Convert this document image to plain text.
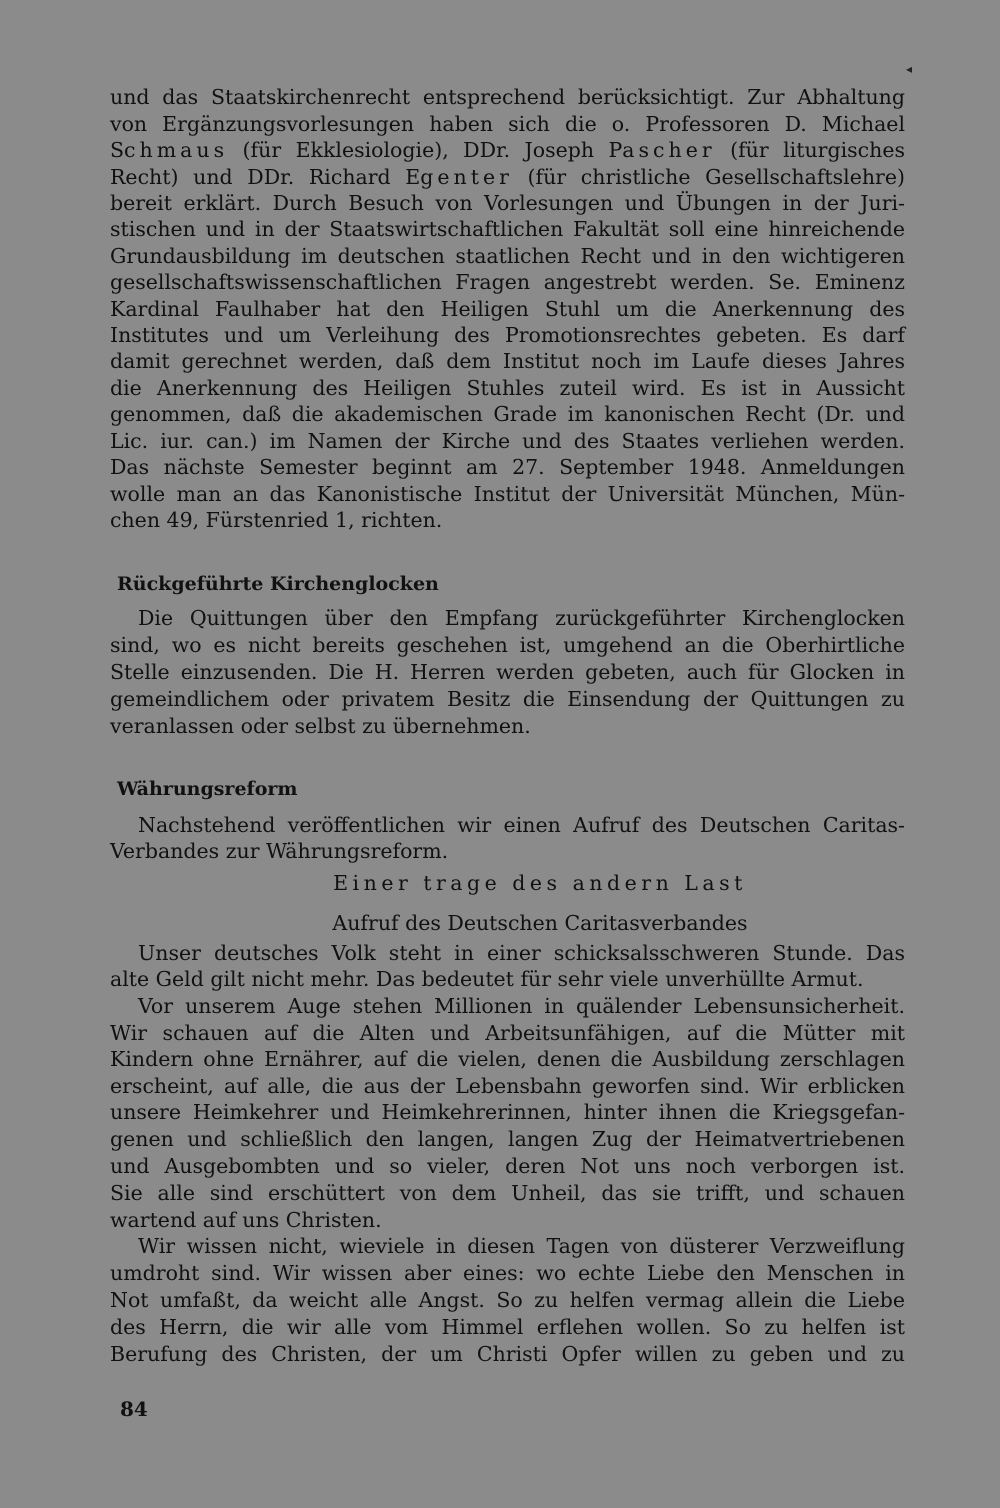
und das Staatskirchenrecht entsprechend berücksichtigt. Zur Abhaltung
von Ergänzungsvorlesungen haben sich die o. Professoren D. Michael
Schmaus (für Ekklesiologie), DDr. Joseph Pascher (für liturgisches
Recht) und DDr. Richard Egenter (für christliche Gesellschaftslehre)
bereit erklärt. Durch Besuch von Vorlesungen und Übungen in der Juri-
stischen und in der Staatswirtschaftlichen Fakultät soll eine hinreichende
Grundausbildung im deutschen staatlichen Recht und in den wichtigeren
gesellschaftswissenschaftlichen Fragen angestrebt werden. Se. Eminenz
Kardinal Faulhaber hat den Heiligen Stuhl um die Anerkennung des
Institutes und um Verleihung des Promotionsrechtes gebeten. Es darf
damit gerechnet werden, daß dem Institut noch im Laufe dieses Jahres
die Anerkennung des Heiligen Stuhles zuteil wird. Es ist in Aussicht
genommen, daß die akademischen Grade im kanonischen Recht (Dr. und
Lic. iur. can.) im Namen der Kirche und des Staates verliehen werden.
Das nächste Semester beginnt am 27. September 1948. Anmeldungen
wolle man an das Kanonistische Institut der Universität München, Mün-
chen 49, Fürstenried 1, richten.
Rückgeführte Kirchenglocken
Die Quittungen über den Empfang zurückgeführter Kirchenglocken
sind, wo es nicht bereits geschehen ist, umgehend an die Oberhirtliche
Stelle einzusenden. Die H. Herren werden gebeten, auch für Glocken in
gemeindlichem oder privatem Besitz die Einsendung der Quittungen zu
veranlassen oder selbst zu übernehmen.
Währungsreform
Nachstehend veröffentlichen wir einen Aufruf des Deutschen Caritas-
Verbandes zur Währungsreform.
Einer trage des andern Last
Aufruf des Deutschen Caritasverbandes
Unser deutsches Volk steht in einer schicksalsschweren Stunde. Das
alte Geld gilt nicht mehr. Das bedeutet für sehr viele unverhüllte Armut.
Vor unserem Auge stehen Millionen in quälender Lebensunsicherheit.
Wir schauen auf die Alten und Arbeitsunfähigen, auf die Mütter mit
Kindern ohne Ernährer, auf die vielen, denen die Ausbildung zerschlagen
erscheint, auf alle, die aus der Lebensbahn geworfen sind. Wir erblicken
unsere Heimkehrer und Heimkehrerinnen, hinter ihnen die Kriegsgefan-
genen und schließlich den langen, langen Zug der Heimatvertriebenen
und Ausgebombten und so vieler, deren Not uns noch verborgen ist.
Sie alle sind erschüttert von dem Unheil, das sie trifft, und schauen
wartend auf uns Christen.
Wir wissen nicht, wieviele in diesen Tagen von düsterer Verzweiflung
umdroht sind. Wir wissen aber eines: wo echte Liebe den Menschen in
Not umfaßt, da weicht alle Angst. So zu helfen vermag allein die Liebe
des Herrn, die wir alle vom Himmel erflehen wollen. So zu helfen ist
Berufung des Christen, der um Christi Opfer willen zu geben und zu
84
◂
